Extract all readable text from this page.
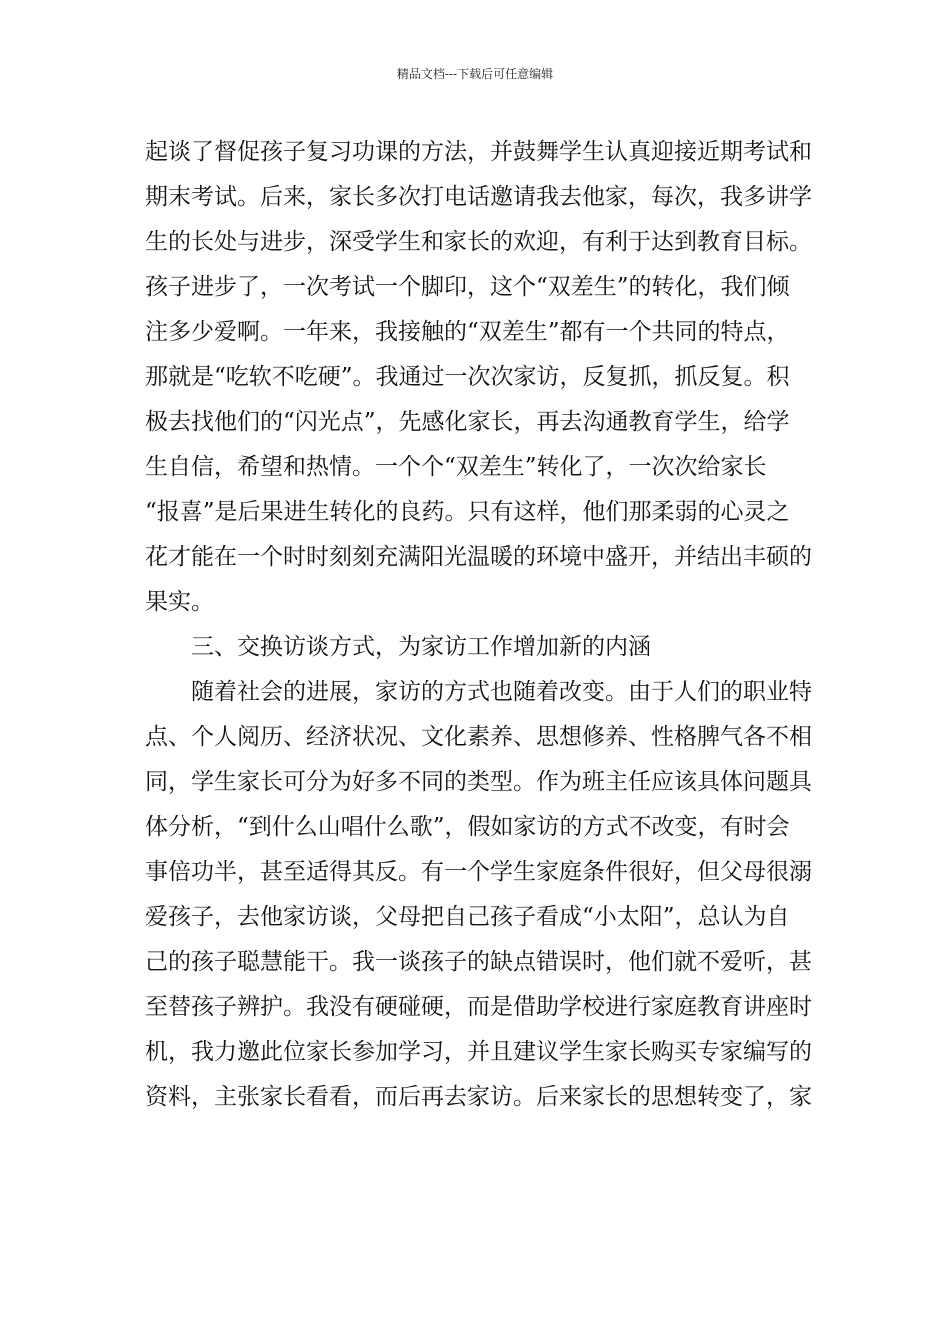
精品文档---下载后可任意编辑
起谈了督促孩子复习功课的方法，并鼓舞学生认真迎接近期考试和
期末考试。后来，家长多次打电话邀请我去他家，每次，我多讲学
生的长处与进步，深受学生和家长的欢迎，有利于达到教育目标。
孩子进步了，一次考试一个脚印，这个“双差生”的转化，我们倾
注多少爱啊。一年来，我接触的“双差生”都有一个共同的特点，
那就是“吃软不吃硬”。我通过一次次家访，反复抓，抓反复。积
极去找他们的“闪光点”，先感化家长，再去沟通教育学生，给学
生自信，希望和热情。一个个“双差生”转化了，一次次给家长
“报喜”是后果进生转化的良药。只有这样，他们那柔弱的心灵之
花才能在一个时时刻刻充满阳光温暖的环境中盛开，并结出丰硕的
果实。
三、交换访谈方式，为家访工作增加新的内涵
随着社会的进展，家访的方式也随着改变。由于人们的职业特
点、个人阅历、经济状况、文化素养、思想修养、性格脾气各不相
同，学生家长可分为好多不同的类型。作为班主任应该具体问题具
体分析，“到什么山唱什么歌”，假如家访的方式不改变，有时会
事倍功半，甚至适得其反。有一个学生家庭条件很好，但父母很溺
爱孩子，去他家访谈，父母把自己孩子看成“小太阳”，总认为自
己的孩子聪慧能干。我一谈孩子的缺点错误时，他们就不爱听，甚
至替孩子辨护。我没有硬碰硬，而是借助学校进行家庭教育讲座时
机，我力邀此位家长参加学习，并且建议学生家长购买专家编写的
资料，主张家长看看，而后再去家访。后来家长的思想转变了，家
